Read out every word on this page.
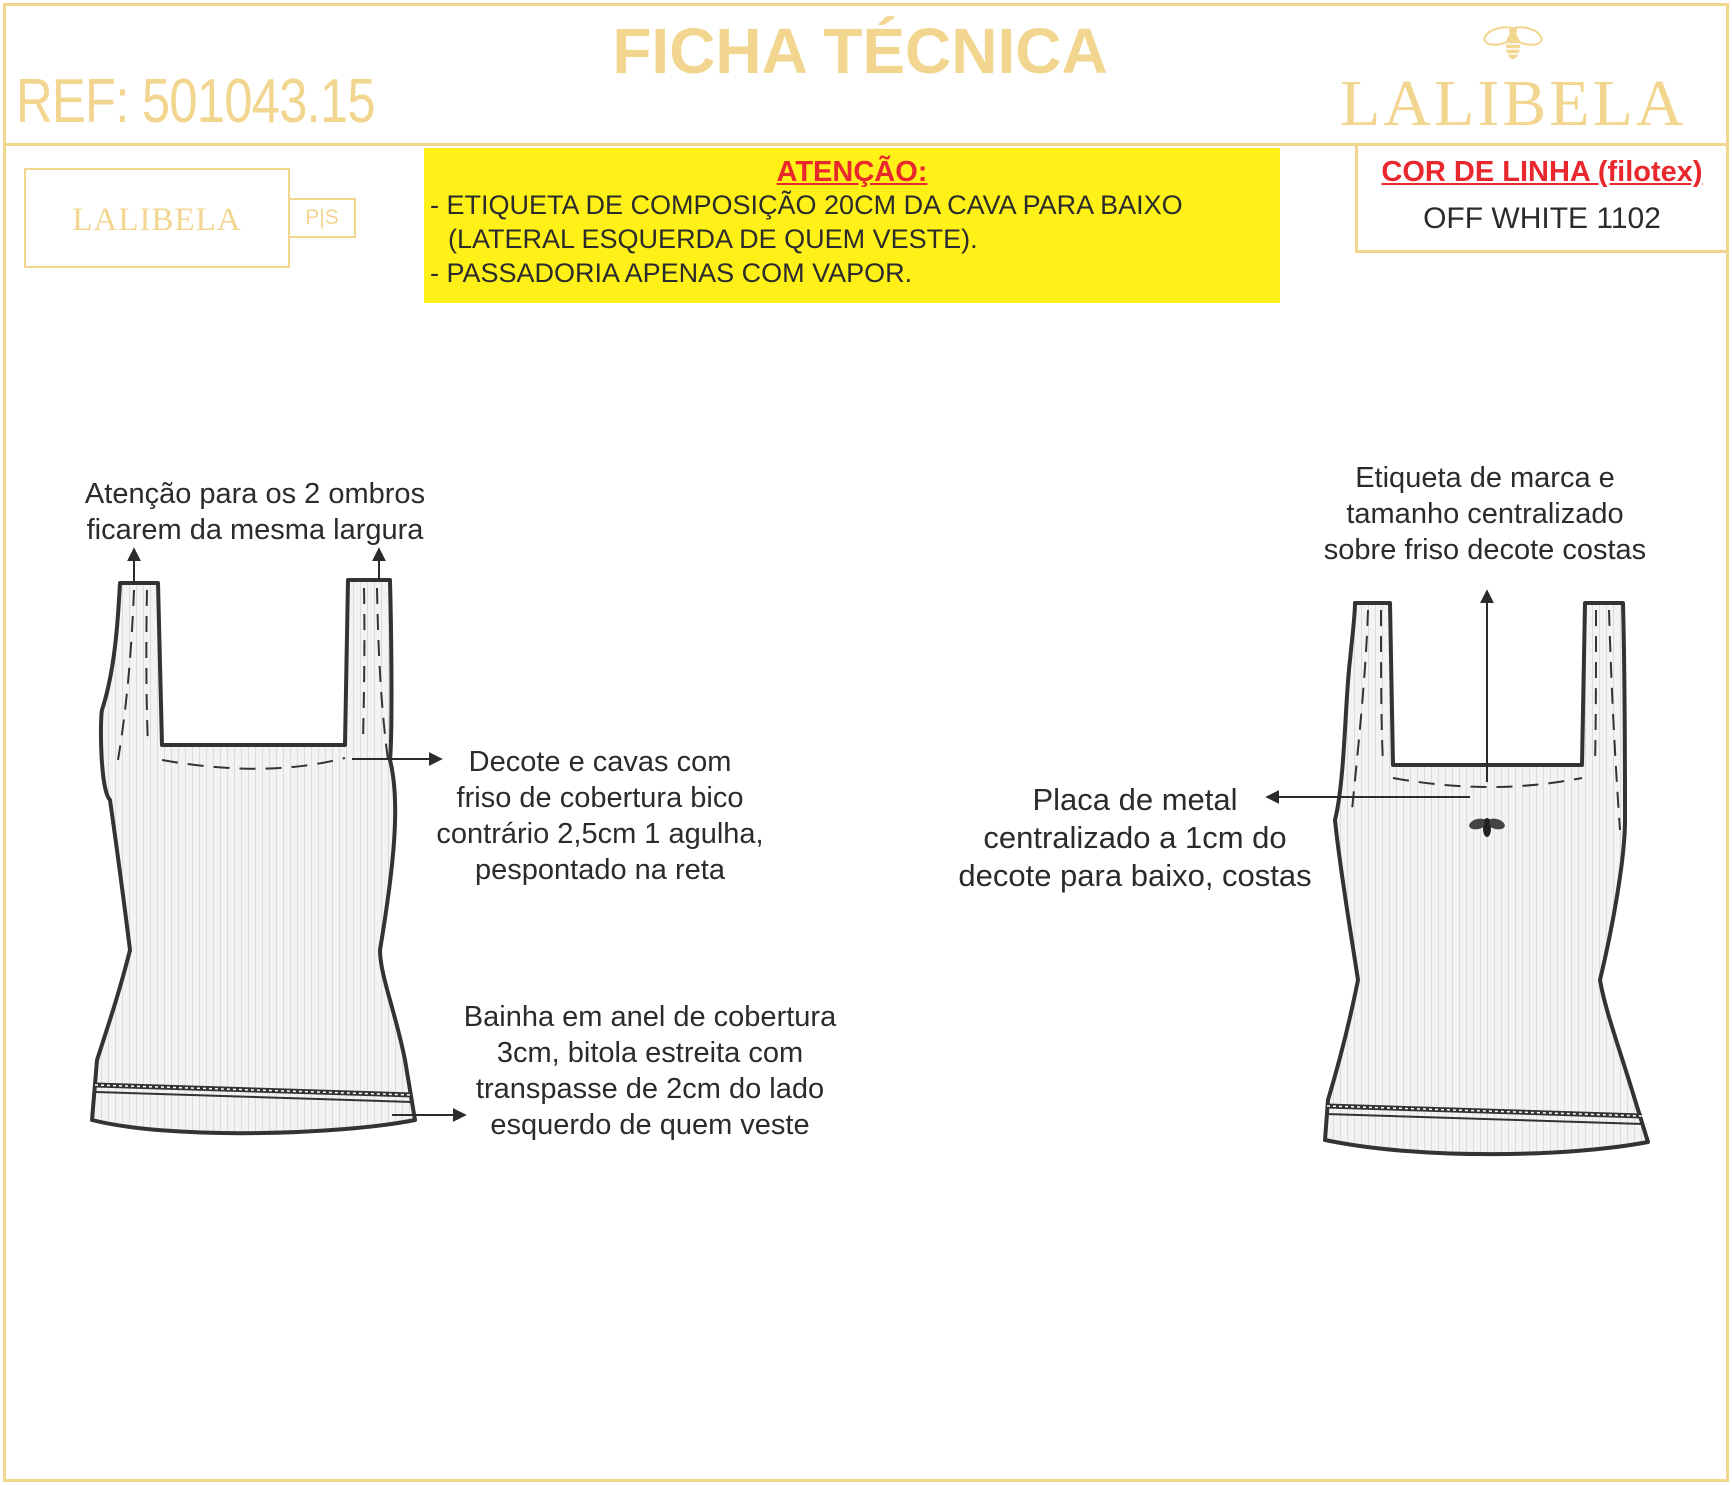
REF: 501043.15
FICHA TÉCNICA
LALIBELA
LALIBELA	P|S
ATENÇÃO:
- ETIQUETA DE COMPOSIÇÃO 20CM DA CAVA PARA BAIXO
(LATERAL ESQUERDA DE QUEM VESTE).
- PASSADORIA APENAS COM VAPOR.
COR DE LINHA (filotex)
OFF WHITE 1102
Atenção para os 2 ombros
ficarem da mesma largura
Decote e cavas com
friso de cobertura bico
contrário 2,5cm 1 agulha,
pespontado na reta
Bainha em anel de cobertura
3cm, bitola estreita com
transpasse de 2cm do lado
esquerdo de quem veste
Etiqueta de marca e
tamanho centralizado
sobre friso decote costas
Placa de metal
centralizado a 1cm do
decote para baixo, costas
